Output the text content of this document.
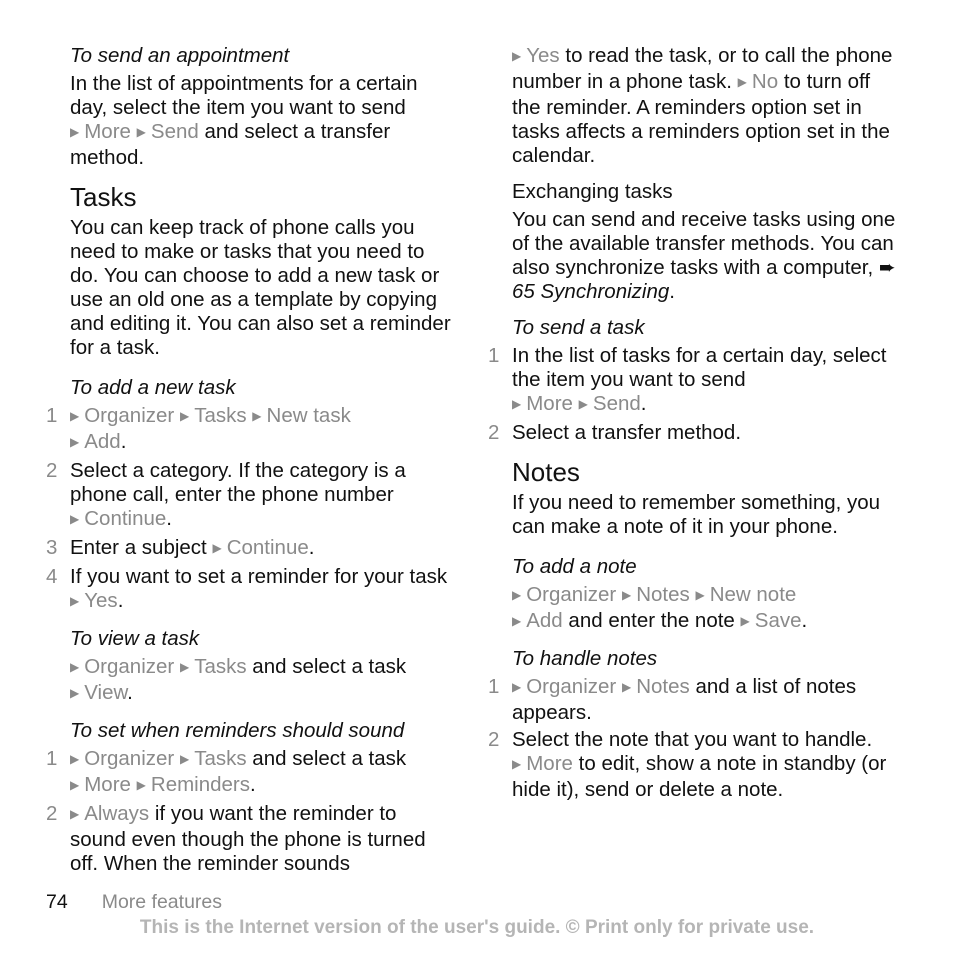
To send an appointment
In the list of appointments for a certain day, select the item you want to send
▶ More ▶ Send and select a transfer method.
Tasks
You can keep track of phone calls you need to make or tasks that you need to do. You can choose to add a new task or use an old one as a template by copying and editing it. You can also set a reminder for a task.
To add a new task
1 ▶ Organizer ▶ Tasks ▶ New task
▶ Add.
2 Select a category. If the category is a phone call, enter the phone number
▶ Continue.
3 Enter a subject ▶ Continue.
4 If you want to set a reminder for your task ▶ Yes.
To view a task
▶ Organizer ▶ Tasks and select a task
▶ View.
To set when reminders should sound
1 ▶ Organizer ▶ Tasks and select a task
▶ More ▶ Reminders.
2 ▶ Always if you want the reminder to sound even though the phone is turned off. When the reminder sounds
▶ Yes to read the task, or to call the phone number in a phone task. ▶ No to turn off the reminder. A reminders option set in tasks affects a reminders option set in the calendar.
Exchanging tasks
You can send and receive tasks using one of the available transfer methods. You can also synchronize tasks with a computer, ➨ 65 Synchronizing.
To send a task
1 In the list of tasks for a certain day, select the item you want to send
▶ More ▶ Send.
2 Select a transfer method.
Notes
If you need to remember something, you can make a note of it in your phone.
To add a note
▶ Organizer ▶ Notes ▶ New note
▶ Add and enter the note ▶ Save.
To handle notes
1 ▶ Organizer ▶ Notes and a list of notes appears.
2 Select the note that you want to handle.
▶ More to edit, show a note in standby (or hide it), send or delete a note.
74 More features
This is the Internet version of the user's guide. © Print only for private use.
